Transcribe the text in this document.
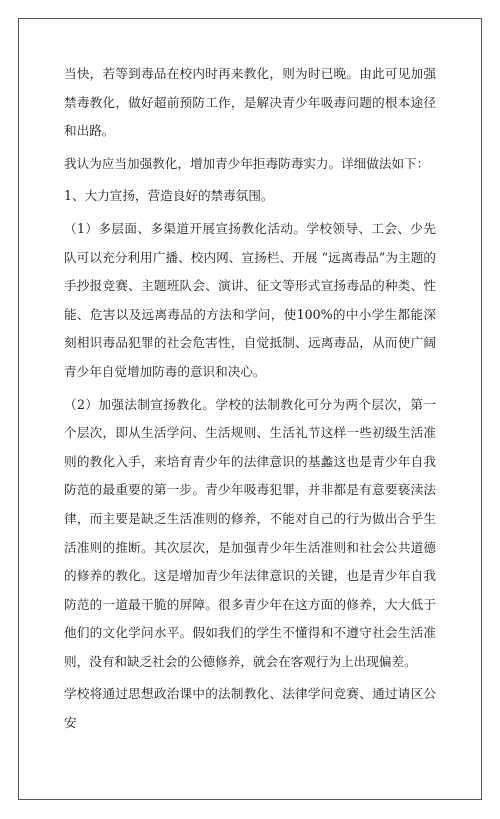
当快，若等到毒品在校内时再来教化，则为时已晚。由此可见加强禁毒教化，做好超前预防工作，是解决青少年吸毒问题的根本途径和出路。

我认为应当加强教化，增加青少年拒毒防毒实力。详细做法如下：

1、大力宣扬，营造良好的禁毒氛围。

（1）多层面、多渠道开展宣扬教化活动。学校领导、工会、少先队可以充分利用广播、校内网、宣扬栏、开展 “远离毒品”为主题的手抄报竞赛、主题班队会、演讲、征文等形式宣扬毒品的种类、性能、危害以及远离毒品的方法和学问，使100%的中小学生都能深刻相识毒品犯罪的社会危害性，自觉抵制、远离毒品，从而使广阔青少年自觉增加防毒的意识和决心。

（2）加强法制宣扬教化。学校的法制教化可分为两个层次，第一个层次，即从生活学问、生活规则、生活礼节这样一些初级生活准则的教化入手，来培育青少年的法律意识的基蠡这也是青少年自我防范的最重要的第一步。青少年吸毒犯罪，并非都是有意要亵渎法律，而主要是缺乏生活准则的修养，不能对自己的行为做出合乎生活准则的推断。其次层次，是加强青少年生活准则和社会公共道德的修养的教化。这是增加青少年法律意识的关键，也是青少年自我防范的一道最干脆的屏障。很多青少年在这方面的修养，大大低于他们的文化学问水平。假如我们的学生不懂得和不遵守社会生活准则，没有和缺乏社会的公德修养，就会在客观行为上出现偏差。

学校将通过思想政治课中的法制教化、法律学问竞赛、通过请区公安
